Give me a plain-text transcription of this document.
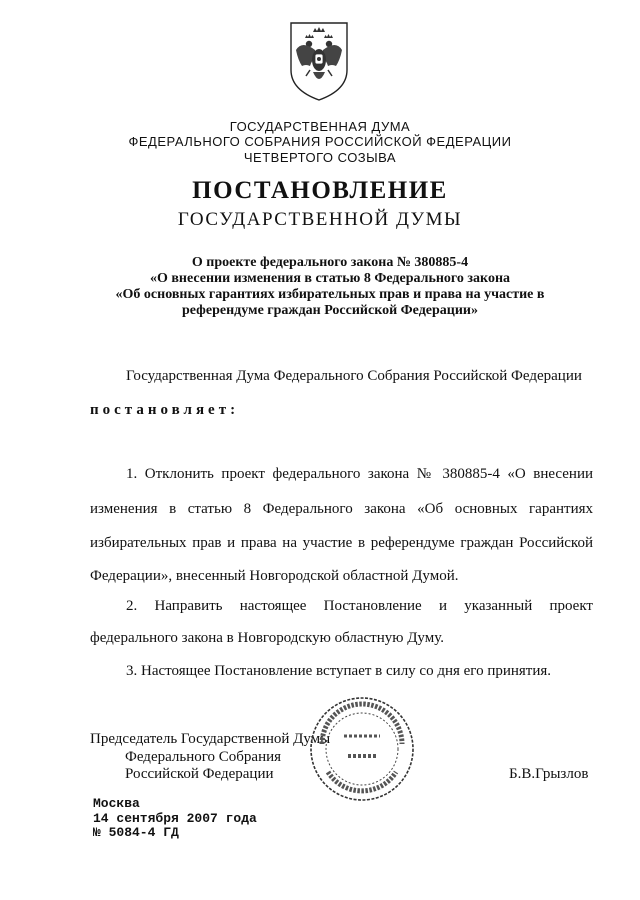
ГОСУДАРСТВЕННАЯ ДУМА
ФЕДЕРАЛЬНОГО СОБРАНИЯ РОССИЙСКОЙ ФЕДЕРАЦИИ
ЧЕТВЕРТОГО СОЗЫВА
ПОСТАНОВЛЕНИЕ
ГОСУДАРСТВЕННОЙ ДУМЫ
О проекте федерального закона № 380885-4
«О внесении изменения в статью 8 Федерального закона
«Об основных гарантиях избирательных прав и права на участие в
референдуме граждан Российской Федерации»
Государственная Дума Федерального Собрания Российской Федерации
постановляет:
1. Отклонить проект федерального закона № 380885-4 «О внесении
изменения в статью 8 Федерального закона «Об основных гарантиях
избирательных прав и права на участие в референдуме граждан Российской
Федерации», внесенный Новгородской областной Думой.
2. Направить настоящее Постановление и указанный проект
федерального закона в Новгородскую областную Думу.
3. Настоящее Постановление вступает в силу со дня его принятия.
Председатель Государственной Думы
Федерального Собрания
Российской Федерации	Б.В.Грызлов
Москва
14 сентября 2007 года
№ 5084-4 ГД
